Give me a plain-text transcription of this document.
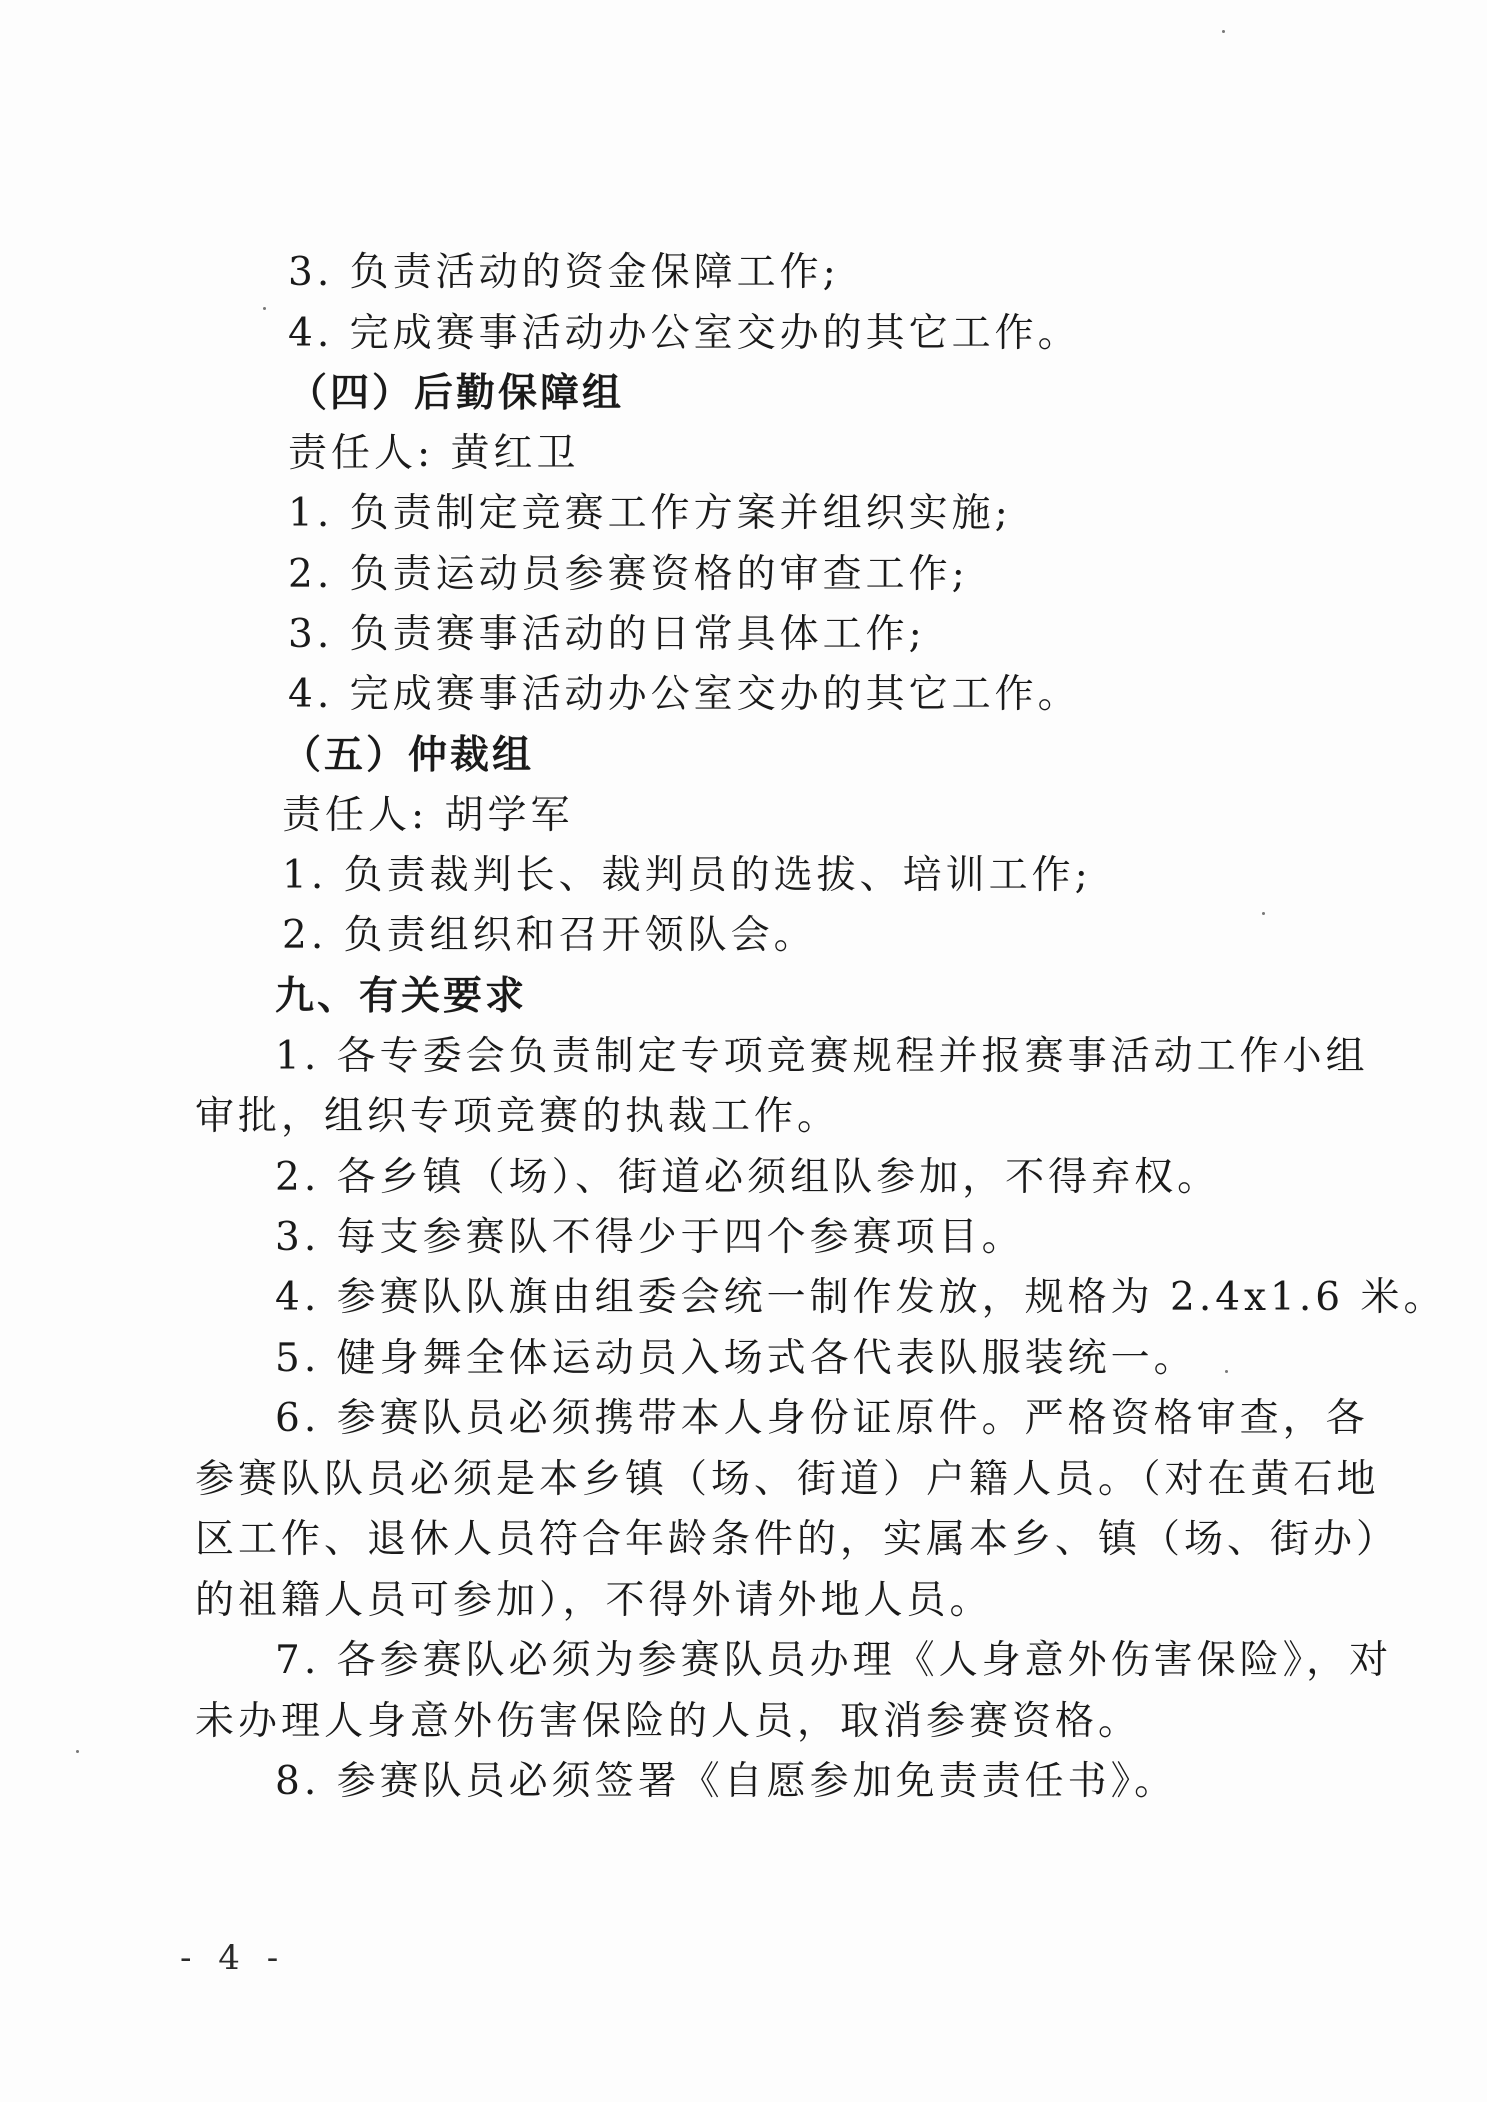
3. 负责活动的资金保障工作;
4. 完成赛事活动办公室交办的其它工作。
（四）后勤保障组
责任人: 黄红卫
1. 负责制定竞赛工作方案并组织实施;
2. 负责运动员参赛资格的审查工作;
3. 负责赛事活动的日常具体工作;
4. 完成赛事活动办公室交办的其它工作。
（五）仲裁组
责任人: 胡学军
1. 负责裁判长、裁判员的选拔、培训工作;
2. 负责组织和召开领队会。
九、有关要求
1. 各专委会负责制定专项竞赛规程并报赛事活动工作小组
审批，组织专项竞赛的执裁工作。
2. 各乡镇（场）、街道必须组队参加，不得弃权。
3. 每支参赛队不得少于四个参赛项目。
4. 参赛队队旗由组委会统一制作发放，规格为 2.4x1.6 米。
5. 健身舞全体运动员入场式各代表队服装统一。
6. 参赛队员必须携带本人身份证原件。严格资格审查，各
参赛队队员必须是本乡镇（场、街道）户籍人员。（对在黄石地
区工作、退休人员符合年龄条件的，实属本乡、镇（场、街办）
的祖籍人员可参加），不得外请外地人员。
7. 各参赛队必须为参赛队员办理《人身意外伤害保险》，对
未办理人身意外伤害保险的人员，取消参赛资格。
8. 参赛队员必须签署《自愿参加免责责任书》。
- 4 -
